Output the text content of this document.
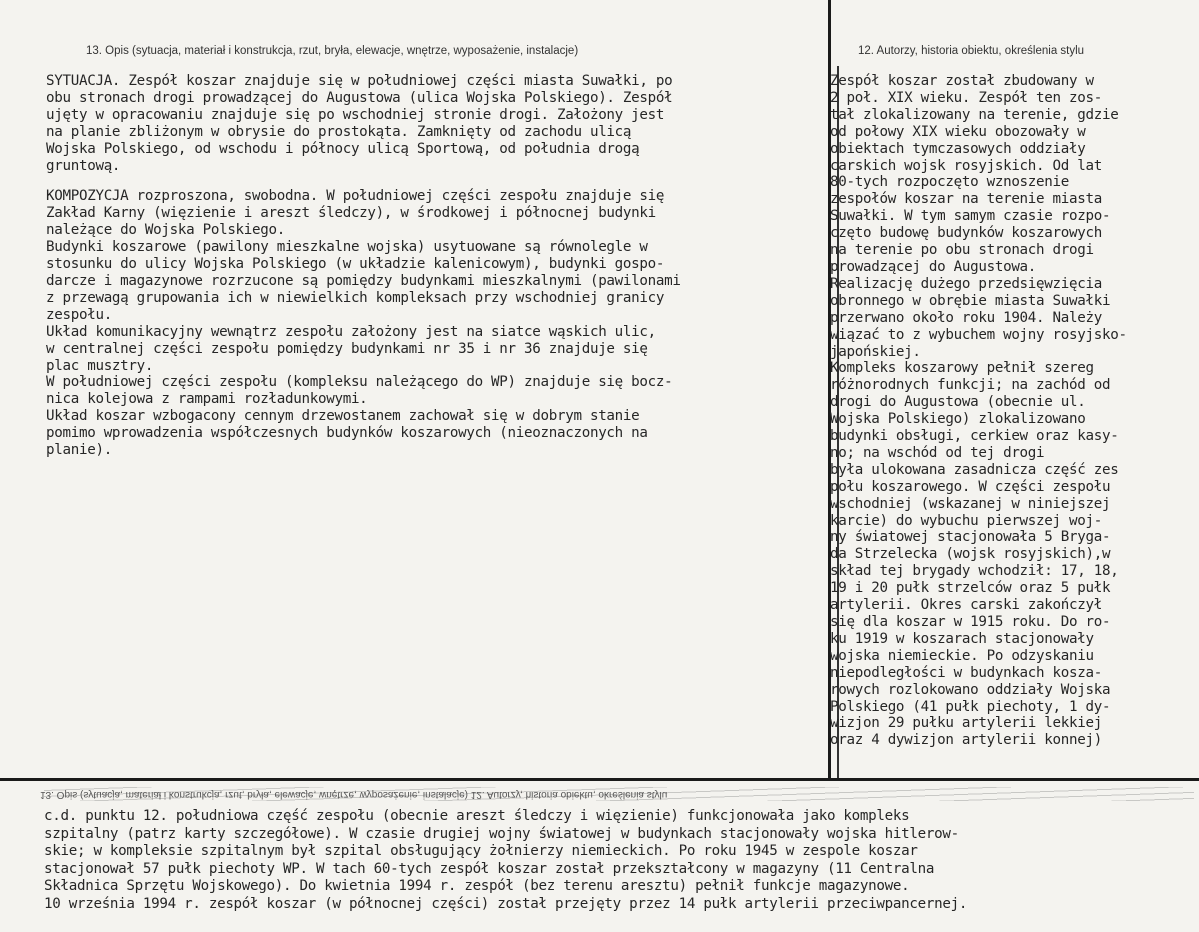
13. Opis (sytuacja, materiał i konstrukcja, rzut, bryła, elewacje, wnętrze, wyposażenie, instalacje)	12. Autorzy, historia obiektu, określenia stylu

SYTUACJA. Zespół koszar znajduje się w południowej części miasta Suwałki, po

obu stronach drogi prowadzącej do Augustowa (ulica Wojska Polskiego). Zespół

ujęty w opracowaniu znajduje się po wschodniej stronie drogi. Założony jest

na planie zbliżonym w obrysie do prostokąta. Zamknięty od zachodu ulicą

Wojska Polskiego, od wschodu i północy ulicą Sportową, od południa drogą

gruntową.

KOMPOZYCJA rozproszona, swobodna. W południowej części zespołu znajduje się

Zakład Karny (więzienie i areszt śledczy), w środkowej i północnej budynki

należące do Wojska Polskiego.

Budynki koszarowe (pawilony mieszkalne wojska) usytuowane są równolegle w

stosunku do ulicy Wojska Polskiego (w układzie kalenicowym), budynki gospo-

darcze i magazynowe rozrzucone są pomiędzy budynkami mieszkalnymi (pawilonami

z przewagą grupowania ich w niewielkich kompleksach przy wschodniej granicy

zespołu.

Układ komunikacyjny wewnątrz zespołu założony jest na siatce wąskich ulic,

w centralnej części zespołu pomiędzy budynkami nr 35 i nr 36 znajduje się

plac musztry.

W południowej części zespołu (kompleksu należącego do WP) znajduje się bocz-

nica kolejowa z rampami rozładunkowymi.

Układ koszar wzbogacony cennym drzewostanem zachował się w dobrym stanie

pomimo wprowadzenia współczesnych budynków koszarowych (nieoznaczonych na

planie).

Zespół koszar został zbudowany w

2 poł. XIX wieku. Zespół ten zos-

tał zlokalizowany na terenie, gdzie

od połowy XIX wieku obozowały w

obiektach tymczasowych oddziały

carskich wojsk rosyjskich. Od lat

80-tych rozpoczęto wznoszenie

zespołów koszar na terenie miasta

Suwałki. W tym samym czasie rozpo-

częto budowę budynków koszarowych

na terenie po obu stronach drogi

prowadzącej do Augustowa.

Realizację dużego przedsięwzięcia

obronnego w obrębie miasta Suwałki

przerwano około roku 1904. Należy

wiązać to z wybuchem wojny rosyjsko-

japońskiej.

Kompleks koszarowy pełnił szereg

różnorodnych funkcji; na zachód od

drogi do Augustowa (obecnie ul.

Wojska Polskiego) zlokalizowano

budynki obsługi, cerkiew oraz kasy-

no; na wschód od tej drogi

była ulokowana zasadnicza część zes

połu koszarowego. W części zespołu

wschodniej (wskazanej w niniejszej

karcie) do wybuchu pierwszej woj-

ny światowej stacjonowała 5 Bryga-

da Strzelecka (wojsk rosyjskich),w

skład tej brygady wchodził: 17, 18,

19 i 20 pułk strzelców oraz 5 pułk

artylerii. Okres carski zakończył

się dla koszar w 1915 roku. Do ro-

ku 1919 w koszarach stacjonowały

wojska niemieckie. Po odzyskaniu

niepodległości w budynkach kosza-

rowych rozlokowano oddziały Wojska

Polskiego (41 pułk piechoty, 1 dy-

wizjon 29 pułku artylerii lekkiej

oraz 4 dywizjon artylerii konnej)

13. Opis (sytuacja, materiał i konstrukcja, rzut, bryła, elewacje, wnętrze, wyposażenie, instalacje) 12. Autorzy, historia obiektu, określenia stylu

c.d. punktu 12. południowa część zespołu (obecnie areszt śledczy i więzienie) funkcjonowała jako kompleks

szpitalny (patrz karty szczegółowe). W czasie drugiej wojny światowej w budynkach stacjonowały wojska hitlerow-

skie; w kompleksie szpitalnym był szpital obsługujący żołnierzy niemieckich. Po roku 1945 w zespole koszar

stacjonował 57 pułk piechoty WP. W tach 60-tych zespół koszar został przekształcony w magazyny (11 Centralna

Składnica Sprzętu Wojskowego). Do kwietnia 1994 r. zespół (bez terenu aresztu) pełnił funkcje magazynowe.

10 września 1994 r. zespół koszar (w północnej części) został przejęty przez 14 pułk artylerii przeciwpancernej.
